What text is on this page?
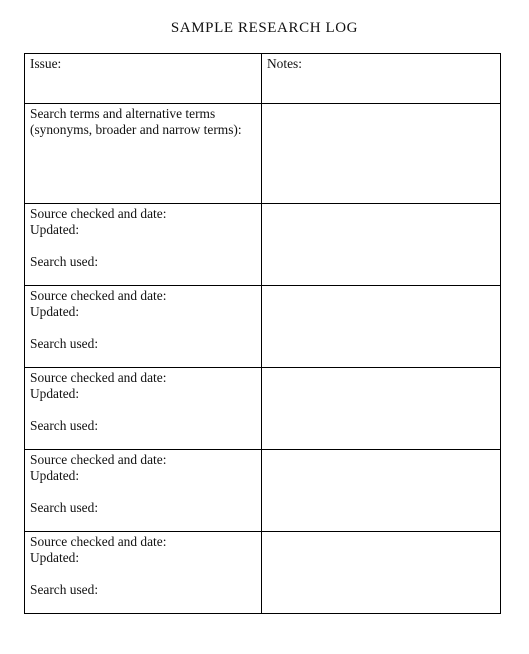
SAMPLE RESEARCH LOG
Issue:	Notes:
Search terms and alternative terms (synonyms, broader and narrow terms):	

Source checked and date:
Updated:
Search used:	

Source checked and date:
Updated:
Search used:	

Source checked and date:
Updated:
Search used:	

Source checked and date:
Updated:
Search used:	

Source checked and date:
Updated:
Search used:	
